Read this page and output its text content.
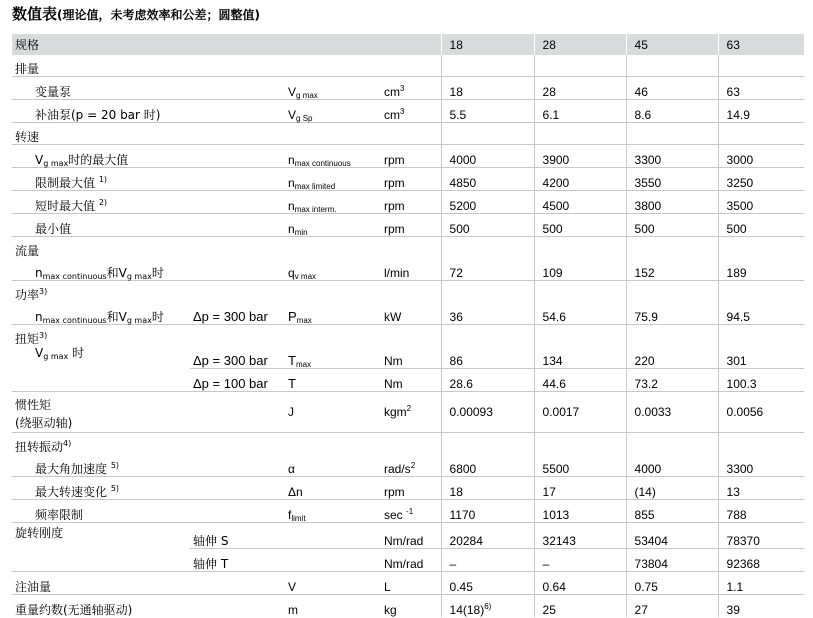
数值表(理论值，未考虑效率和公差；圆整值)
规格				18	28	45	63
排量							
变量泵		$V_{g max}$	$cm^3$	18	28	46	63
补油泵(p = 20 bar 时)		$V_{g Sp}$	$cm^3$	5.5	6.1	8.6	14.9
转速							
$V_{g max}$时的最大值		$n_{max continuous}$	rpm	4000	3900	3300	3000
限制最大值 $^{1)}$		$n_{max limited}$	rpm	4850	4200	3550	3250
短时最大值 $^{2)}$		$n_{max interm.}$	rpm	5200	4500	3800	3500
最小值		$n_{min}$	rpm	500	500	500	500
流量							
$n_{max continuous}$和$V_{g max}$时		$q_{v max}$	l/min	72	109	152	189
功率$^{3)}$				
$n_{max continuous}$和$V_{g max}$时	Δp = 300 bar	$P_{max}$	kW	36	54.6	75.9	94.5
扭矩$^{3)}$				
$V_{g max}$ 时	Δp = 300 bar	$T_{max}$	Nm	86	134	220	301
	Δp = 100 bar	T	Nm	28.6	44.6	73.2	100.3

惯性矩
(绕驱动轴)		J	kgm$^2$	0.00093	0.0017	0.0033	0.0056
扭转振动$^{4)}$				
最大角加速度 $^{5)}$		α	rad/$s^2$	6800	5500	4000	3300
最大转速变化 $^{5)}$		Δn	rpm	18	17	(14)	13
频率限制		$f_{limit}$	sec $^{-1}$	1170	1013	855	788
旋转刚度	轴伸 S		Nm/rad	20284	32143	53404	78370
	轴伸 T		Nm/rad	–	–	73804	92368
注油量		V	L	0.45	0.64	0.75	1.1
重量约数(无通轴驱动)		m	kg	$14(18)^{6)}$	25	27	39
